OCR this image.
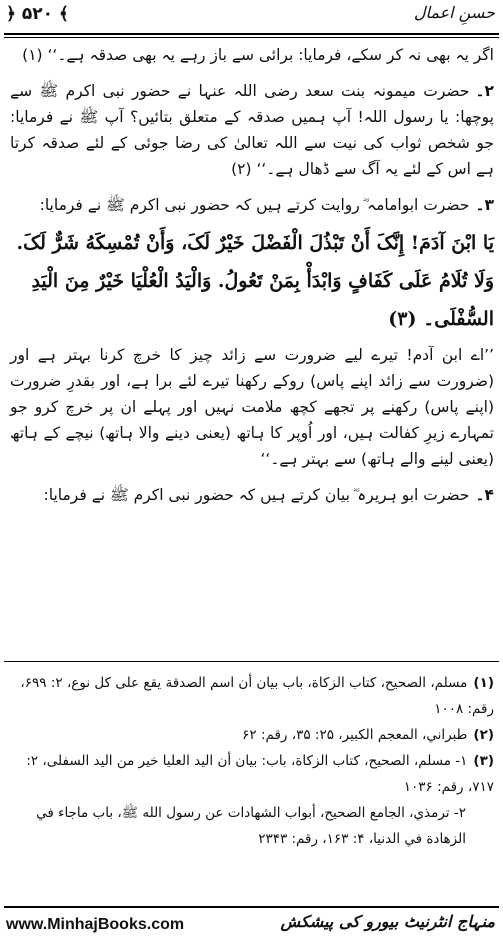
﴿ ۵۲۰ ﴾	حسنِ اعمال

اگر یہ بھی نہ کر سکے، فرمایا: برائی سے باز رہے یہ بھی صدقہ ہے۔‘‘ (۱)

۲۔حضرت میمونہ بنت سعد رضی اللہ عنہا نے حضور نبی اکرم ﷺ سے پوچھا: یا رسول اللہ! آپ ہمیں صدقہ کے متعلق بتائیں؟ آپ ﷺ نے فرمایا: جو شخص ثواب کی نیت سے اللہ تعالیٰ کی رضا جوئی کے لئے صدقہ کرتا ہے اس کے لئے یہ آگ سے ڈھال ہے۔‘‘ (۲)

۳۔حضرت ابوامامہ ؓ روایت کرتے ہیں کہ حضور نبی اکرم ﷺ نے فرمایا:

يَا ابْنَ آدَمَ! إِنَّکَ أَنْ تَبْذُلَ الْفَضْلَ خَيْرٌ لَکَ، وَأَنْ تُمْسِکَهُ شَرٌّ لَکَ. وَلَا تُلَامُ عَلَی کَفَافٍ وَابْدَأْ بِمَنْ تَعُولُ. وَالْيَدُ الْعُلْيَا خَيْرٌ مِنَ الْيَدِ السُّفْلَی۔ (۳)

’’اے ابن آدم! تیرے لیے ضرورت سے زائد چیز کا خرچ کرنا بہتر ہے اور (ضرورت سے زائد اپنے پاس) روکے رکھنا تیرے لئے برا ہے، اور بقدرِ ضرورت (اپنے پاس) رکھنے پر تجھے کچھ ملامت نہیں اور پہلے ان پر خرچ کرو جو تمہارے زیرِ کفالت ہیں، اور اُوپر کا ہاتھ (یعنی دینے والا ہاتھ) نیچے کے ہاتھ (یعنی لینے والے ہاتھ) سے بہتر ہے۔‘‘

۴۔حضرت ابو ہریرہ ؓ بیان کرتے ہیں کہ حضور نبی اکرم ﷺ نے فرمایا:

(۱)مسلم، الصحيح، كتاب الزكاة، باب بيان أن اسم الصدقة يقع على كل نوع، ۲: ۶۹۹، رقم: ۱۰۰۸

(۲)طبراني، المعجم الكبير، ۲۵: ۳۵، رقم: ۶۲

(۳)۱- مسلم، الصحيح، كتاب الزكاة، باب: بيان أن اليد العليا خير من اليد السفلى، ۲: ۷۱۷، رقم: ۱۰۳۶

۲- ترمذي، الجامع الصحيح، أبواب الشهادات عن رسول الله ﷺ، باب ماجاء في الزهادة في الدنيا، ۴: ۱۶۳، رقم: ۲۳۴۳

www.MinhajBooks.com	منہاج انٹرنیٹ بیورو کی پیشکش
